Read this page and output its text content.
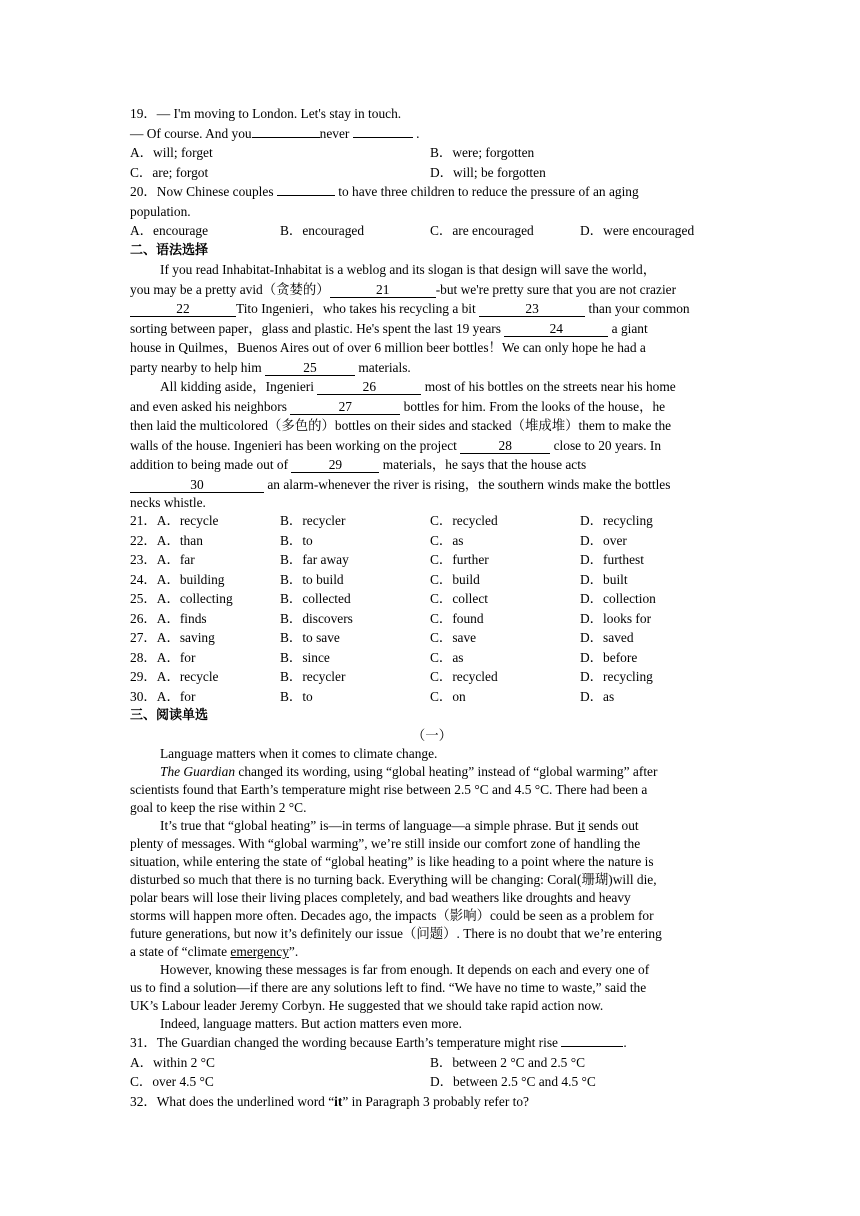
19．— I'm moving to London. Let's stay in touch.
— Of course. And you	never	.
A．will; forget	B．were; forgotten
C．are; forgot	D．will; be forgotten
20．Now Chinese couples	to have three children to reduce the pressure of an aging
population.
A．encourage	B．encouraged	C．are encouraged	D．were encouraged
二、语法选择
If you read Inhabitat-Inhabitat is a weblog and its slogan is that design will save the world，
you may be a pretty avid（贪婪的）	21	-but we're pretty sure that you are not crazier
22	Tito Ingenieri，who takes his recycling a bit	23	than your common
sorting between paper，glass and plastic. He's spent the last 19 years	24	a giant
house in Quilmes，Buenos Aires out of over 6 million beer bottles！We can only hope he had a
party nearby to help him	25	materials.
All kidding aside，Ingenieri	26	most of his bottles on the streets near his home
and even asked his neighbors	27	bottles for him. From the looks of the house，he
then laid the multicolored（多色的）bottles on their sides and stacked（堆成堆）them to make the
walls of the house. Ingenieri has been working on the project	28	close to 20 years. In
addition to being made out of	29	materials，he says that the house acts
30	an alarm-whenever the river is rising，the southern winds make the bottles
necks whistle.
21．A．recycle	B．recycler	C．recycled	D．recycling
22．A．than	B．to	C．as	D．over
23．A．far	B．far away	C．further	D．furthest
24．A．building	B．to build	C．build	D．built
25．A．collecting	B．collected	C．collect	D．collection
26．A．finds	B．discovers	C．found	D．looks for
27．A．saving	B．to save	C．save	D．saved
28．A．for	B．since	C．as	D．before
29．A．recycle	B．recycler	C．recycled	D．recycling
30．A．for	B．to	C．on	D．as
三、阅读单选
（一）
Language matters when it comes to climate change.
The Guardian changed its wording, using “global heating” instead of “global warming” after
scientists found that Earth’s temperature might rise between 2.5 °C and 4.5 °C. There had been a
goal to keep the rise within 2 °C.
It’s true that “global heating” is—in terms of language—a simple phrase. But it sends out
plenty of messages. With “global warming”, we’re still inside our comfort zone of handling the
situation, while entering the state of “global heating” is like heading to a point where the nature is
disturbed so much that there is no turning back. Everything will be changing: Coral(珊瑚)will die,
polar bears will lose their living places completely, and bad weathers like droughts and heavy
storms will happen more often. Decades ago, the impacts（影响）could be seen as a problem for
future generations, but now it’s definitely our issue（问题）. There is no doubt that we’re entering
a state of “climate emergency”.
However, knowing these messages is far from enough. It depends on each and every one of
us to find a solution—if there are any solutions left to find. “We have no time to waste,” said the
UK’s Labour leader Jeremy Corbyn. He suggested that we should take rapid action now.
Indeed, language matters. But action matters even more.
31．The Guardian changed the wording because Earth’s temperature might rise	.
A．within 2 °C	B．between 2 °C and 2.5 °C
C．over 4.5 °C	D．between 2.5 °C and 4.5 °C
32．What does the underlined word “it” in Paragraph 3 probably refer to?
